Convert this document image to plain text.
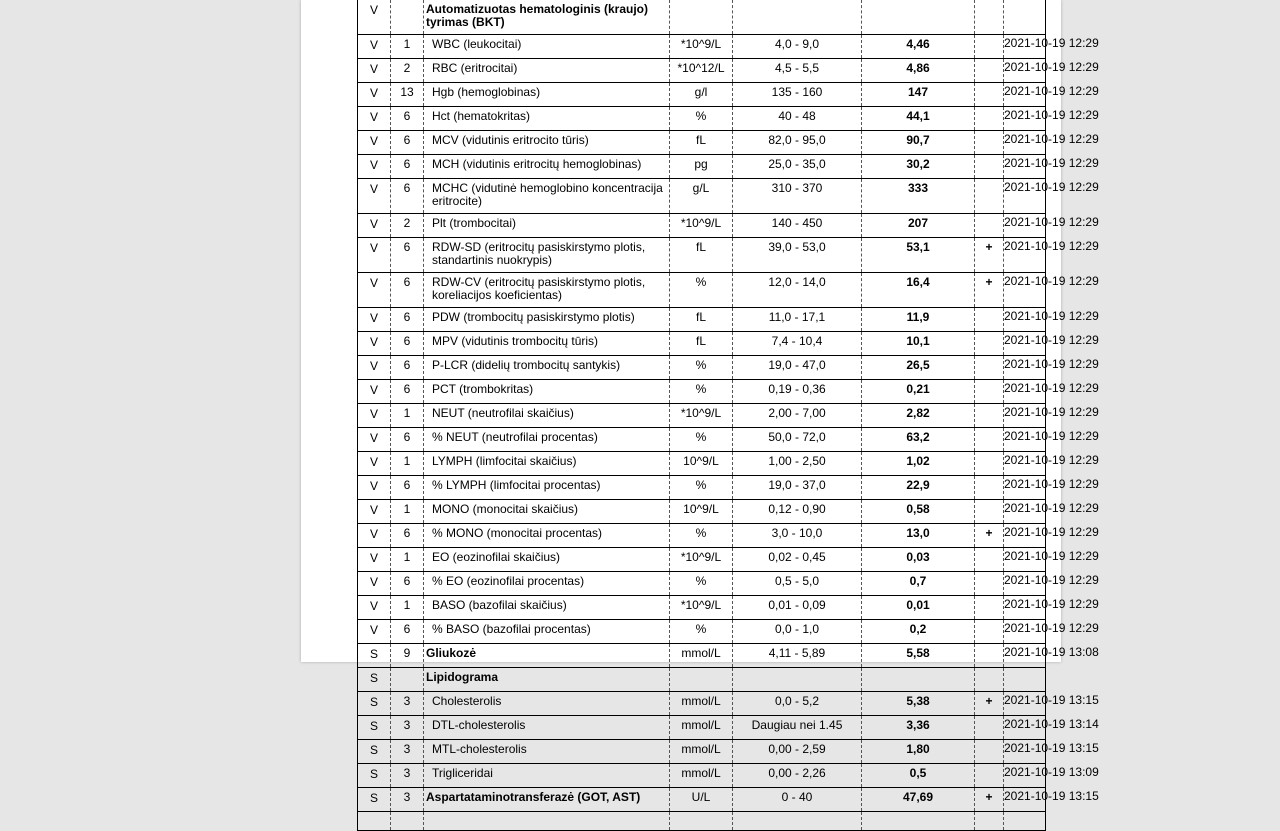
V		Automatizuotas hematologinis (kraujo) tyrimas (BKT)					
V	1	WBC (leukocitai)	*10^9/L	4,0 - 9,0	4,46		2021-10-19 12:29
V	2	RBC (eritrocitai)	*10^12/L	4,5 - 5,5	4,86		2021-10-19 12:29
V	13	Hgb (hemoglobinas)	g/l	135 - 160	147		2021-10-19 12:29
V	6	Hct (hematokritas)	%	40 - 48	44,1		2021-10-19 12:29
V	6	MCV (vidutinis eritrocito tūris)	fL	82,0 - 95,0	90,7		2021-10-19 12:29
V	6	MCH (vidutinis eritrocitų hemoglobinas)	pg	25,0 - 35,0	30,2		2021-10-19 12:29
V	6	MCHC (vidutinė hemoglobino koncentracija eritrocite)	g/L	310 - 370	333		2021-10-19 12:29
V	2	Plt (trombocitai)	*10^9/L	140 - 450	207		2021-10-19 12:29
V	6	RDW-SD (eritrocitų pasiskirstymo plotis, standartinis nuokrypis)	fL	39,0 - 53,0	53,1	+	2021-10-19 12:29
V	6	RDW-CV (eritrocitų pasiskirstymo plotis, koreliacijos koeficientas)	%	12,0 - 14,0	16,4	+	2021-10-19 12:29
V	6	PDW (trombocitų pasiskirstymo plotis)	fL	11,0 - 17,1	11,9		2021-10-19 12:29
V	6	MPV (vidutinis trombocitų tūris)	fL	7,4 - 10,4	10,1		2021-10-19 12:29
V	6	P-LCR (didelių trombocitų santykis)	%	19,0 - 47,0	26,5		2021-10-19 12:29
V	6	PCT (trombokritas)	%	0,19 - 0,36	0,21		2021-10-19 12:29
V	1	NEUT (neutrofilai skaičius)	*10^9/L	2,00 - 7,00	2,82		2021-10-19 12:29
V	6	% NEUT (neutrofilai procentas)	%	50,0 - 72,0	63,2		2021-10-19 12:29
V	1	LYMPH (limfocitai skaičius)	10^9/L	1,00 - 2,50	1,02		2021-10-19 12:29
V	6	% LYMPH (limfocitai procentas)	%	19,0 - 37,0	22,9		2021-10-19 12:29
V	1	MONO (monocitai skaičius)	10^9/L	0,12 - 0,90	0,58		2021-10-19 12:29
V	6	% MONO (monocitai procentas)	%	3,0 - 10,0	13,0	+	2021-10-19 12:29
V	1	EO (eozinofilai skaičius)	*10^9/L	0,02 - 0,45	0,03		2021-10-19 12:29
V	6	% EO (eozinofilai procentas)	%	0,5 - 5,0	0,7		2021-10-19 12:29
V	1	BASO (bazofilai skaičius)	*10^9/L	0,01 - 0,09	0,01		2021-10-19 12:29
V	6	% BASO (bazofilai procentas)	%	0,0 - 1,0	0,2		2021-10-19 12:29
S	9	Gliukozė	mmol/L	4,11 - 5,89	5,58		2021-10-19 13:08
S		Lipidograma					
S	3	Cholesterolis	mmol/L	0,0 - 5,2	5,38	+	2021-10-19 13:15
S	3	DTL-cholesterolis	mmol/L	Daugiau nei 1.45	3,36		2021-10-19 13:14
S	3	MTL-cholesterolis	mmol/L	0,00 - 2,59	1,80		2021-10-19 13:15
S	3	Trigliceridai	mmol/L	0,00 - 2,26	0,5		2021-10-19 13:09
S	3	Aspartataminotransferazė (GOT, AST)	U/L	0 - 40	47,69	+	2021-10-19 13:15
